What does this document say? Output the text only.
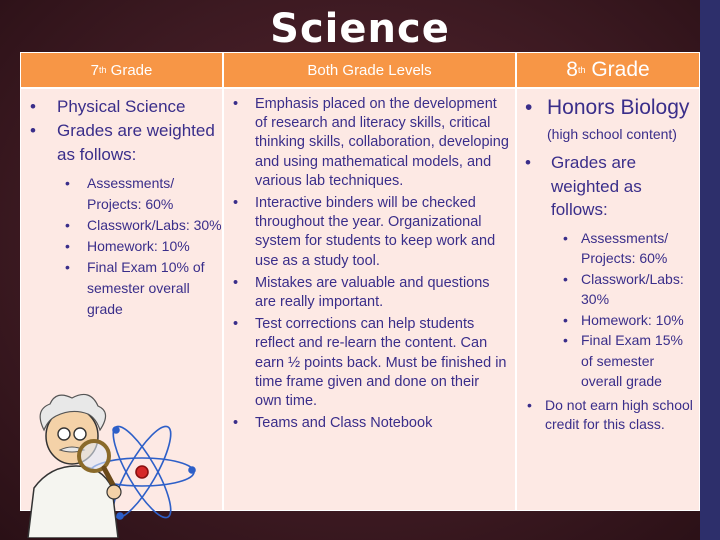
Science
7 th Grade
• Physical Science
• Grades are weighted as follows:
• Assessments/ Projects: 60%
• Classwork/Labs: 30%
• Homework: 10%
• Final Exam 10% of semester overall grade
Both Grade Levels
• Emphasis placed on the development of research and literacy skills, critical thinking skills, collaboration, developing and using mathematical models, and various lab techniques.
• Interactive binders will be checked throughout the year. Organizational system for students to keep work and use as a study tool.
• Mistakes are valuable and questions are really important.
• Test corrections can help students reflect and re-learn the content. Can earn ½ points back. Must be finished in time frame given and done on their own time.
• Teams and Class Notebook
8 th Grade
• Honors Biology (high school content)
• Grades are weighted as follows:
• Assessments/ Projects: 60%
• Classwork/Labs: 30%
• Homework: 10%
• Final Exam 15% of semester overall grade
• Do not earn high school credit for this class.
